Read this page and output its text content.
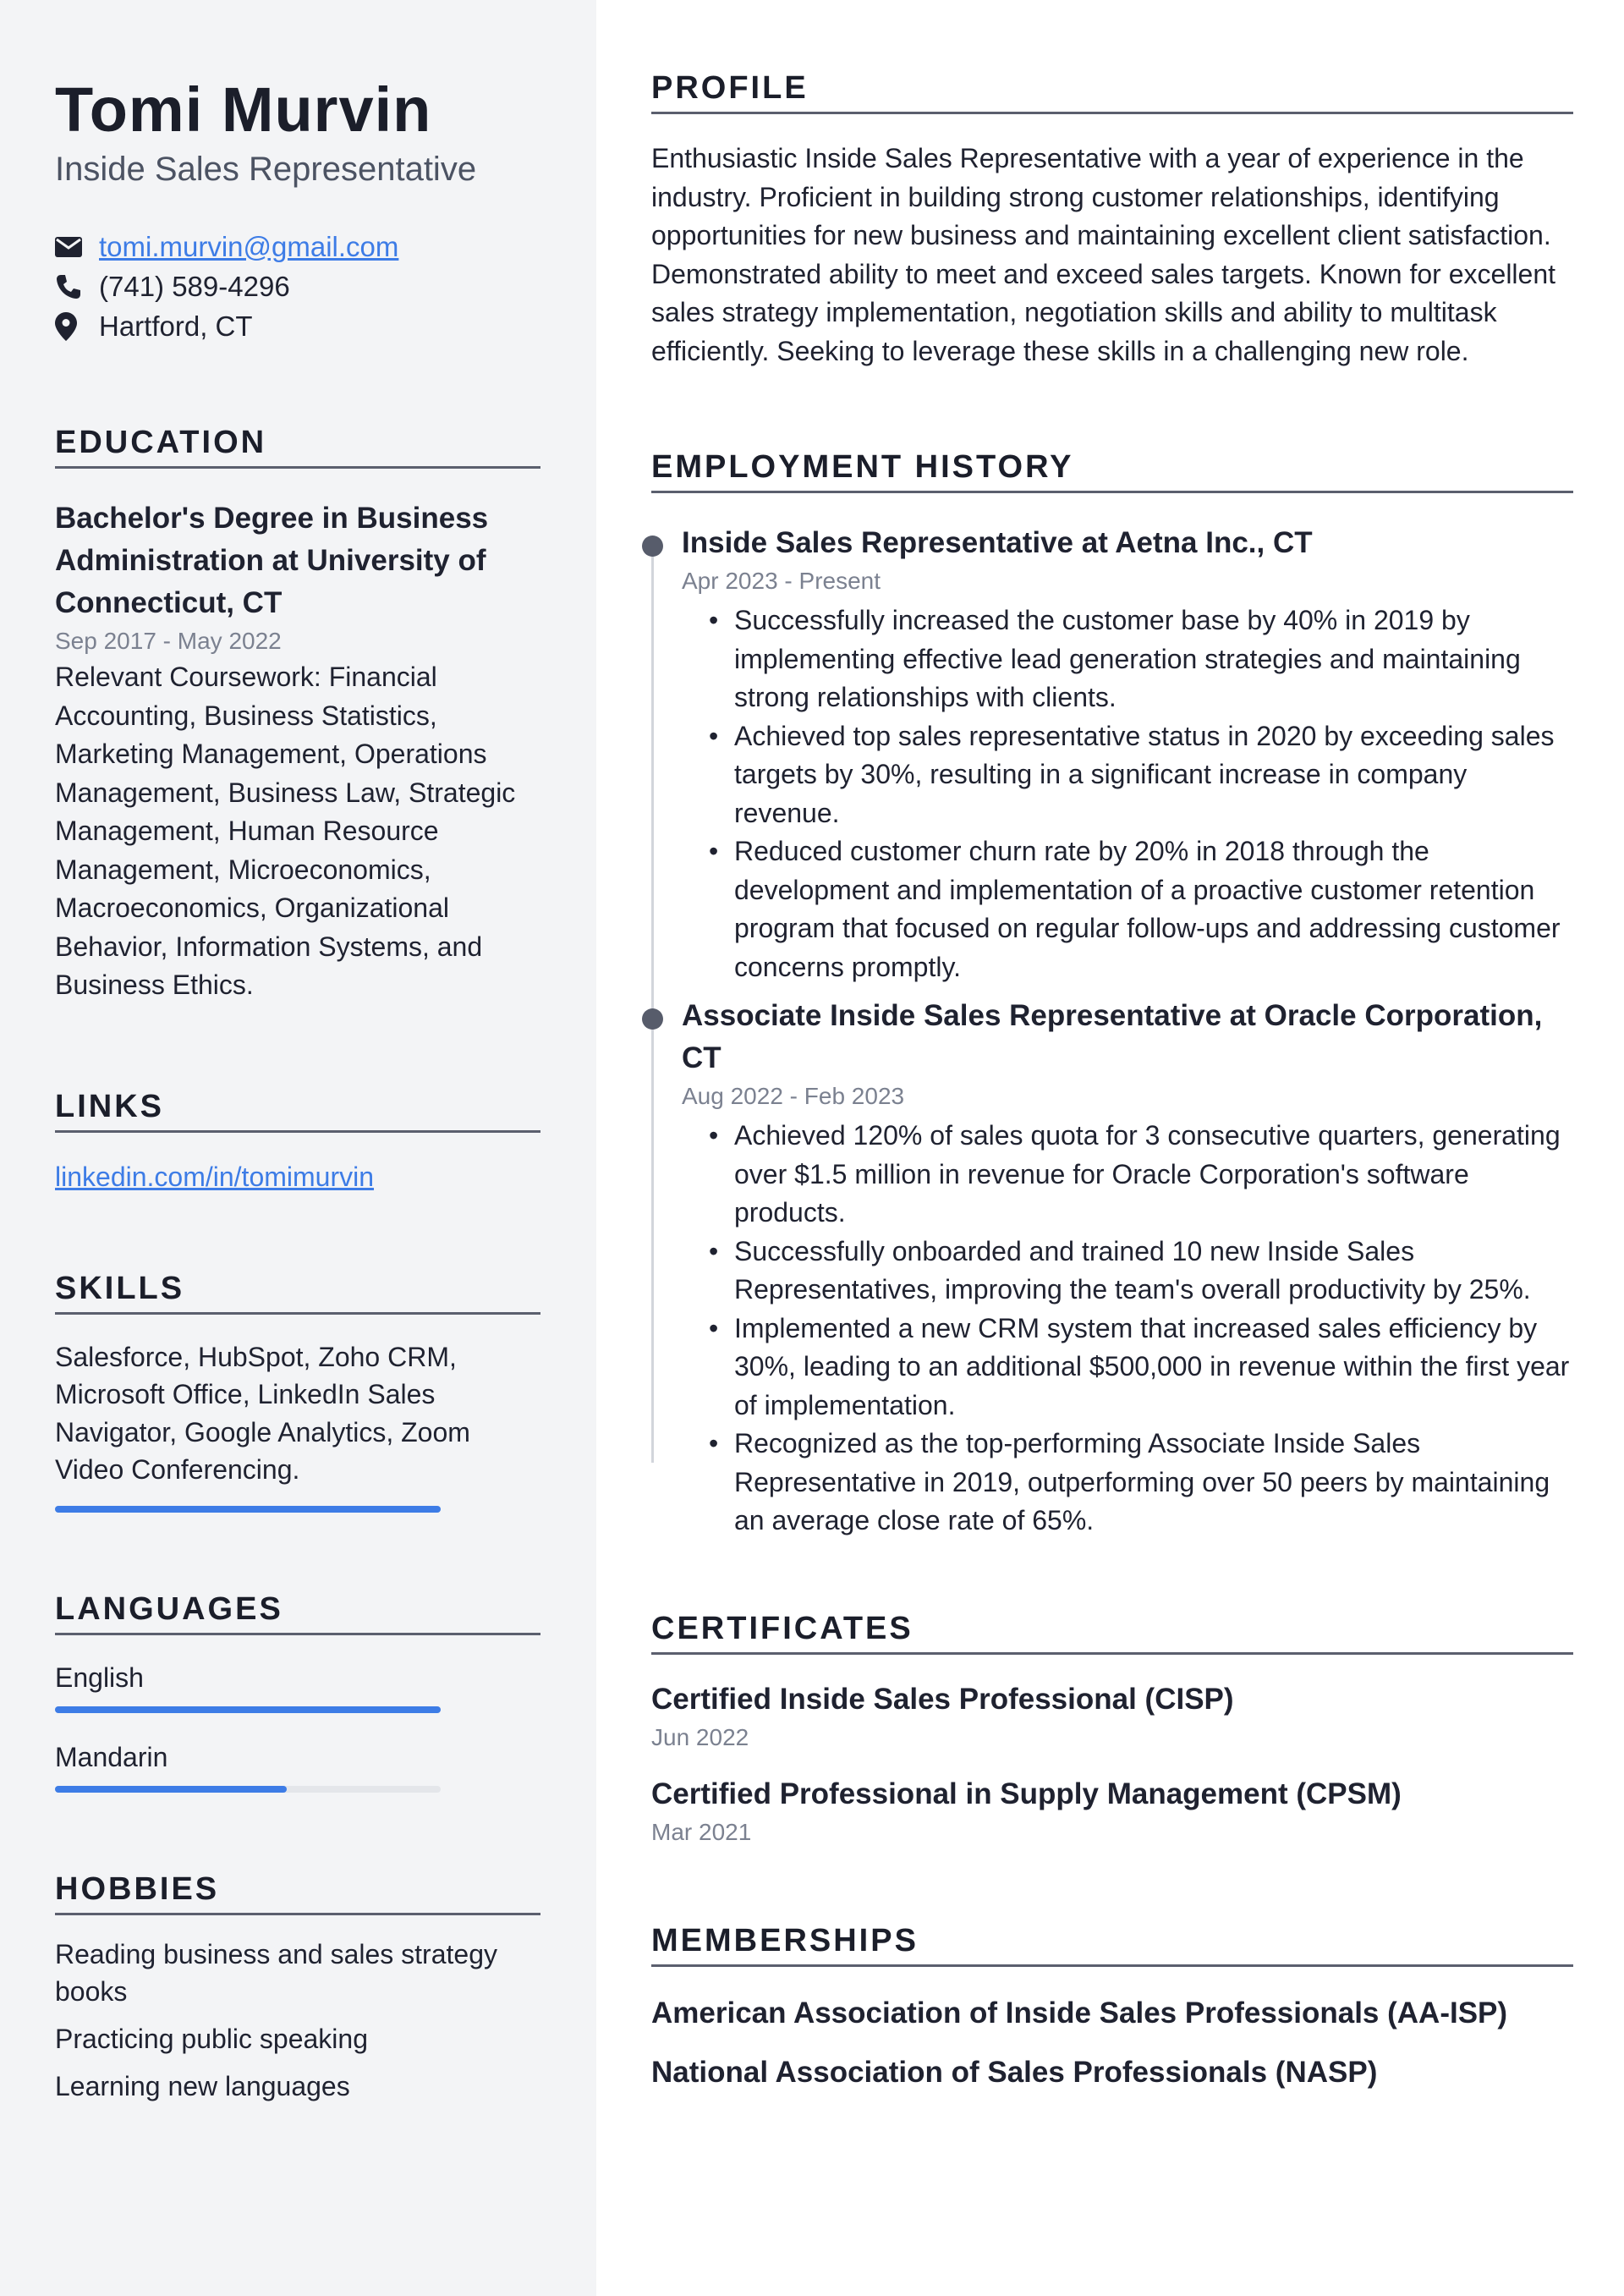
Tomi Murvin
Inside Sales Representative
tomi.murvin@gmail.com
(741) 589-4296
Hartford, CT
EDUCATION
Bachelor's Degree in Business Administration at University of Connecticut, CT
Sep 2017 - May 2022
Relevant Coursework: Financial Accounting, Business Statistics, Marketing Management, Operations Management, Business Law, Strategic Management, Human Resource Management, Microeconomics, Macroeconomics, Organizational Behavior, Information Systems, and Business Ethics.
LINKS
linkedin.com/in/tomimurvin
SKILLS
Salesforce, HubSpot, Zoho CRM, Microsoft Office, LinkedIn Sales Navigator, Google Analytics, Zoom Video Conferencing.
LANGUAGES
English
Mandarin
HOBBIES
Reading business and sales strategy books
Practicing public speaking
Learning new languages
PROFILE
Enthusiastic Inside Sales Representative with a year of experience in the industry. Proficient in building strong customer relationships, identifying opportunities for new business and maintaining excellent client satisfaction. Demonstrated ability to meet and exceed sales targets. Known for excellent sales strategy implementation, negotiation skills and ability to multitask efficiently. Seeking to leverage these skills in a challenging new role.
EMPLOYMENT HISTORY
Inside Sales Representative at Aetna Inc., CT
Apr 2023 - Present
• Successfully increased the customer base by 40% in 2019 by implementing effective lead generation strategies and maintaining strong relationships with clients.
• Achieved top sales representative status in 2020 by exceeding sales targets by 30%, resulting in a significant increase in company revenue.
• Reduced customer churn rate by 20% in 2018 through the development and implementation of a proactive customer retention program that focused on regular follow-ups and addressing customer concerns promptly.
Associate Inside Sales Representative at Oracle Corporation, CT
Aug 2022 - Feb 2023
• Achieved 120% of sales quota for 3 consecutive quarters, generating over $1.5 million in revenue for Oracle Corporation's software products.
• Successfully onboarded and trained 10 new Inside Sales Representatives, improving the team's overall productivity by 25%.
• Implemented a new CRM system that increased sales efficiency by 30%, leading to an additional $500,000 in revenue within the first year of implementation.
• Recognized as the top-performing Associate Inside Sales Representative in 2019, outperforming over 50 peers by maintaining an average close rate of 65%.
CERTIFICATES
Certified Inside Sales Professional (CISP)
Jun 2022
Certified Professional in Supply Management (CPSM)
Mar 2021
MEMBERSHIPS
American Association of Inside Sales Professionals (AA-ISP)
National Association of Sales Professionals (NASP)
